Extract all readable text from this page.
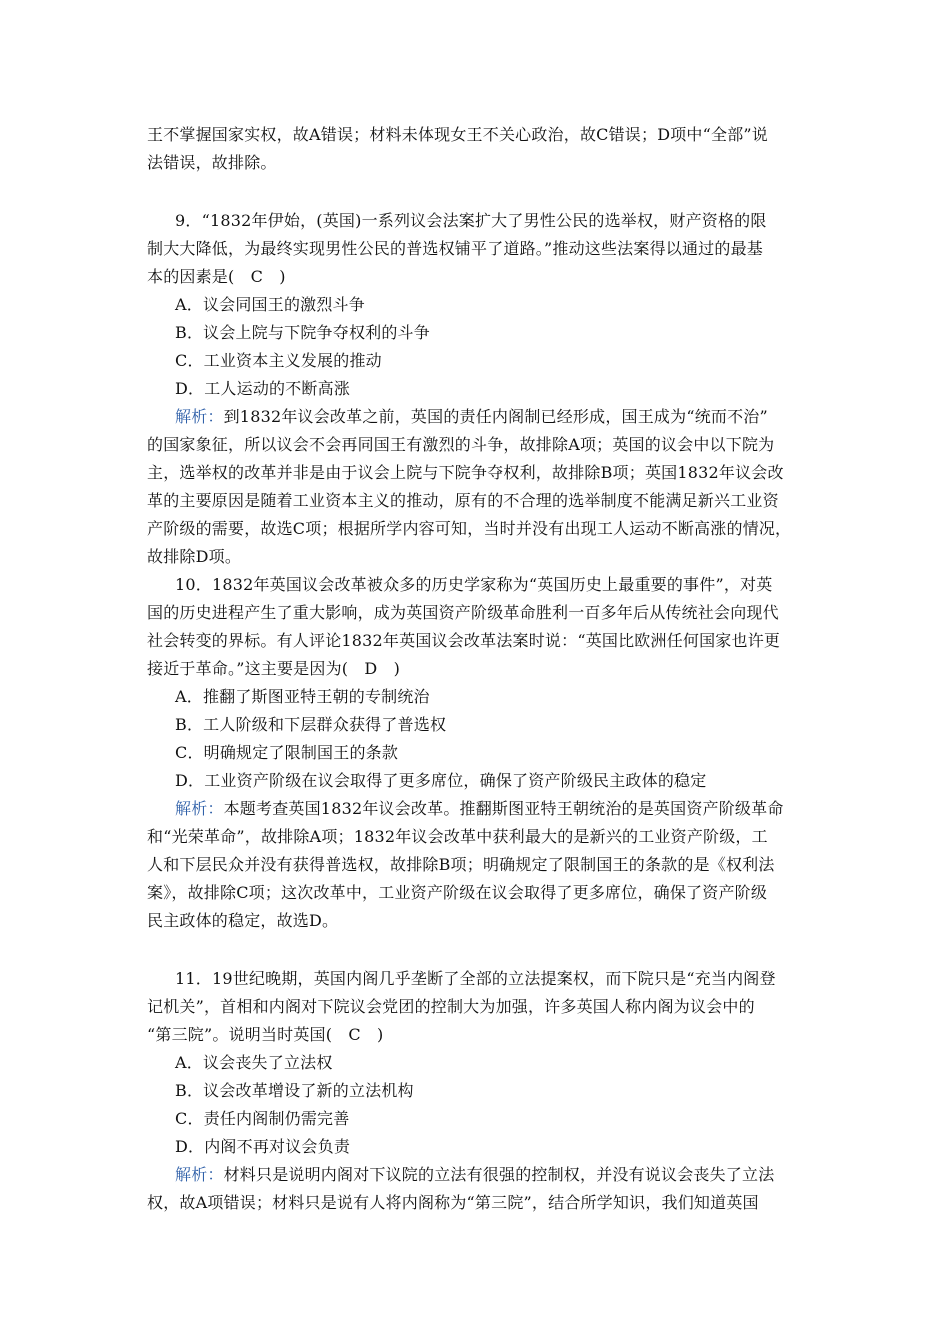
王不掌握国家实权，故A错误；材料未体现女王不关心政治，故C错误；D项中“全部”说
法错误，故排除。
9．“1832年伊始，(英国)一系列议会法案扩大了男性公民的选举权，财产资格的限
制大大降低，为最终实现男性公民的普选权铺平了道路。”推动这些法案得以通过的最基
本的因素是(　C　)
A．议会同国王的激烈斗争
B．议会上院与下院争夺权利的斗争
C．工业资本主义发展的推动
D．工人运动的不断高涨
解析：到1832年议会改革之前，英国的责任内阁制已经形成，国王成为“统而不治”
的国家象征，所以议会不会再同国王有激烈的斗争，故排除A项；英国的议会中以下院为
主，选举权的改革并非是由于议会上院与下院争夺权利，故排除B项；英国1832年议会改
革的主要原因是随着工业资本主义的推动，原有的不合理的选举制度不能满足新兴工业资
产阶级的需要，故选C项；根据所学内容可知，当时并没有出现工人运动不断高涨的情况，
故排除D项。
10．1832年英国议会改革被众多的历史学家称为“英国历史上最重要的事件”，对英
国的历史进程产生了重大影响，成为英国资产阶级革命胜利一百多年后从传统社会向现代
社会转变的界标。有人评论1832年英国议会改革法案时说：“英国比欧洲任何国家也许更
接近于革命。”这主要是因为(　D　)
A．推翻了斯图亚特王朝的专制统治
B．工人阶级和下层群众获得了普选权
C．明确规定了限制国王的条款
D．工业资产阶级在议会取得了更多席位，确保了资产阶级民主政体的稳定
解析：本题考查英国1832年议会改革。推翻斯图亚特王朝统治的是英国资产阶级革命
和“光荣革命”，故排除A项；1832年议会改革中获利最大的是新兴的工业资产阶级，工
人和下层民众并没有获得普选权，故排除B项；明确规定了限制国王的条款的是《权利法
案》，故排除C项；这次改革中，工业资产阶级在议会取得了更多席位，确保了资产阶级
民主政体的稳定，故选D。
11．19世纪晚期，英国内阁几乎垄断了全部的立法提案权，而下院只是“充当内阁登
记机关”，首相和内阁对下院议会党团的控制大为加强，许多英国人称内阁为议会中的
“第三院”。说明当时英国(　C　)
A．议会丧失了立法权
B．议会改革增设了新的立法机构
C．责任内阁制仍需完善
D．内阁不再对议会负责
解析：材料只是说明内阁对下议院的立法有很强的控制权，并没有说议会丧失了立法
权，故A项错误；材料只是说有人将内阁称为“第三院”，结合所学知识，我们知道英国
